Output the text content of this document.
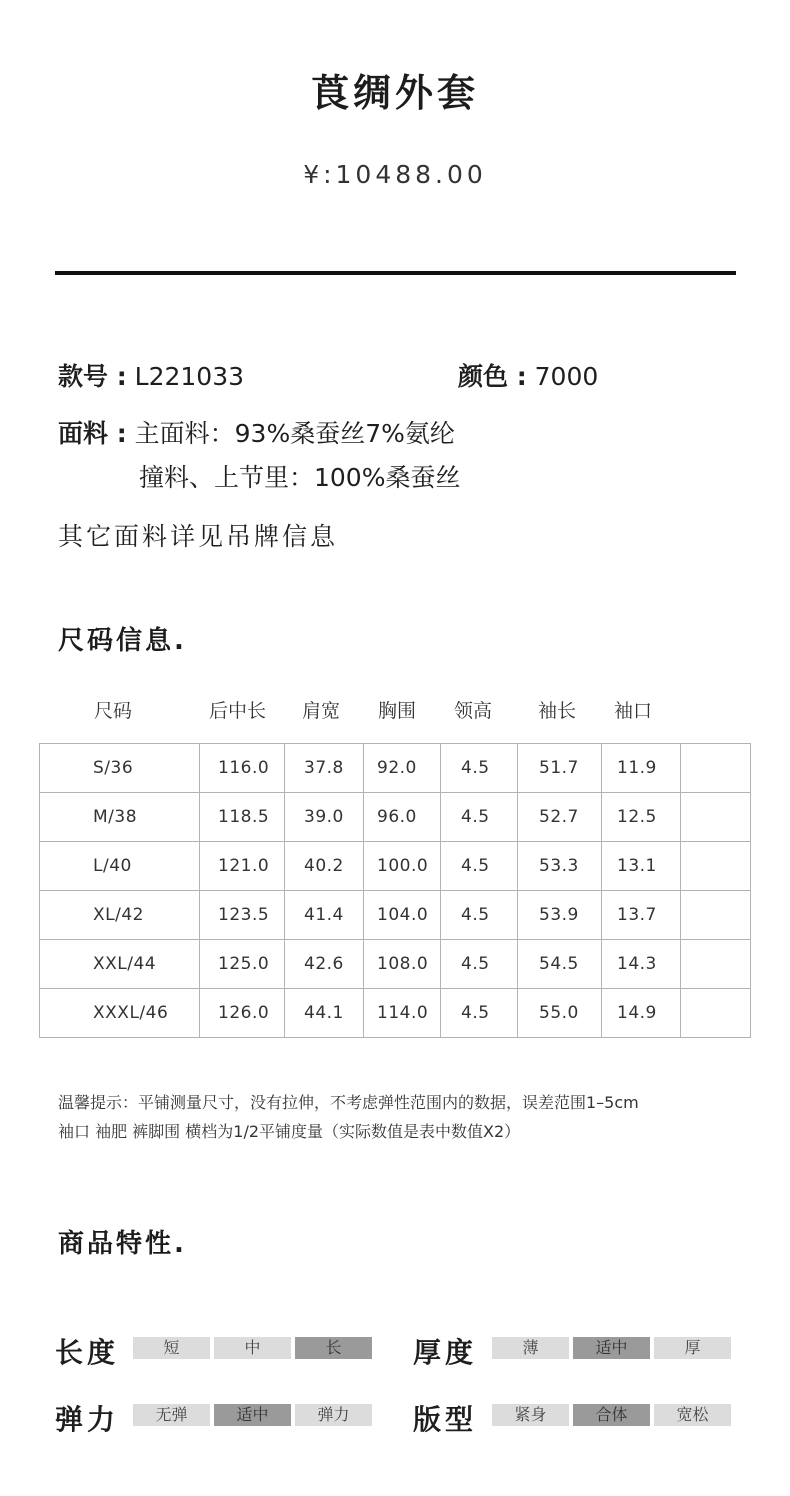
莨绸外套
¥:10488.00
款号 : L221033	颜色 : 7000
面料 : 主面料：93%桑蚕丝7%氨纶
撞料、上节里：100%桑蚕丝
其它面料详见吊牌信息
尺码信息.
尺码	后中长 肩宽 胸围 领高 袖长 袖口
S/36	116.0	37.8	92.0	4.5	51.7	11.9	
M/38	118.5	39.0	96.0	4.5	52.7	12.5	
L/40	121.0	40.2	100.0	4.5	53.3	13.1	
XL/42	123.5	41.4	104.0	4.5	53.9	13.7	
XXL/44	125.0	42.6	108.0	4.5	54.5	14.3	
XXXL/46	126.0	44.1	114.0	4.5	55.0	14.9	
温馨提示：平铺测量尺寸，没有拉伸，不考虑弹性范围内的数据，误差范围1–5cm
袖口 袖肥 裤脚围 横档为1/2平铺度量（实际数值是表中数值X2）
商品特性.
长度	短	中	长	厚度	薄	适中	厚
弹力	无弹	适中	弹力	版型	紧身	合体	宽松
